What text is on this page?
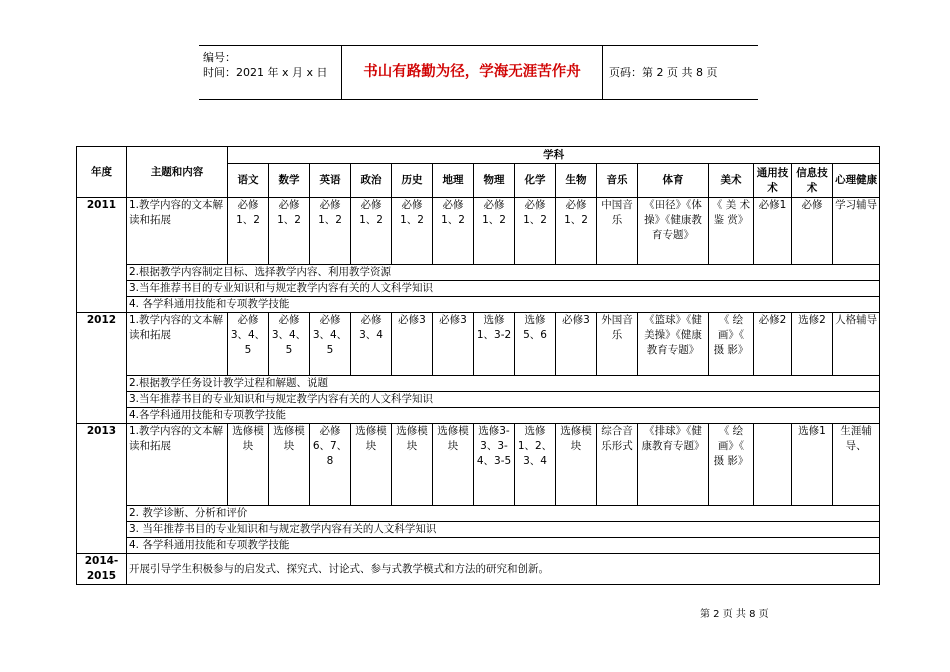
编号：
时间：2021 年 x 月 x 日	书山有路勤为径，学海无涯苦作舟	页码：第 2 页 共 8 页
年度	主题和内容	学科														
		语文	数学	英语	政治	历史	地理	物理	化学	生物	音乐	体育	美术	通用技术	信息技术	心理健康
2011	1.教学内容的文本解读和拓展	必修1、2	必修1、2	必修1、2	必修1、2	必修1、2	必修1、2	必修1、2	必修1、2	必修1、2	中国音乐	《田径》《体操》《健康教育专题》	《 美 术 鉴 赏》	必修1	必修	学习辅导
	2.根据教学内容制定目标、选择教学内容、利用教学资源															
	3.当年推荐书目的专业知识和与规定教学内容有关的人文科学知识															
	4. 各学科通用技能和专项教学技能															
2012	1.教学内容的文本解读和拓展	必修3、4、5	必修3、4、5	必修3、4、5	必修3、4	必修3	必修3	选修1、3-2	选修5、6	必修3	外国音乐	《篮球》《健美操》《健康教育专题》	《 绘 画》《 摄 影》	必修2	选修2	人格辅导
	2.根据教学任务设计教学过程和解题、说题															
	3.当年推荐书目的专业知识和与规定教学内容有关的人文科学知识															
	4.各学科通用技能和专项教学技能															
2013	1.教学内容的文本解读和拓展	选修模块	选修模块	必修6、7、8	选修模块	选修模块	选修模块	选修3-3、3-4、3-5	选修1、2、3、4	选修模块	综合音乐形式	《排球》《健康教育专题》	《 绘 画》《 摄 影》		选修1	生涯辅导、
	2. 教学诊断、分析和评价															
	3. 当年推荐书目的专业知识和与规定教学内容有关的人文科学知识															
	4. 各学科通用技能和专项教学技能															
2014-2015	开展引导学生积极参与的启发式、探究式、讨论式、参与式教学模式和方法的研究和创新。															
第 2 页 共 8 页
